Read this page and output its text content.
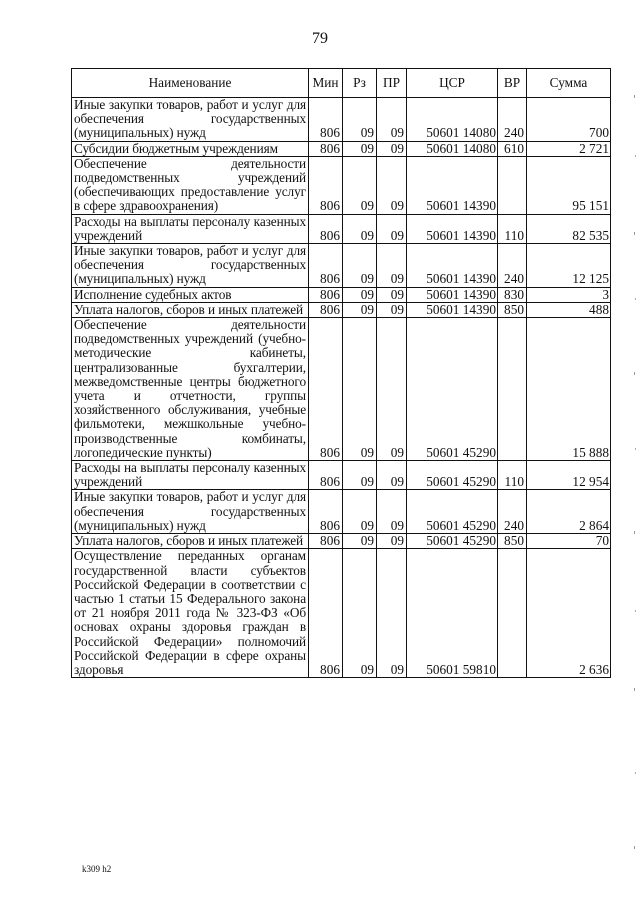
79
Наименование	Мин	Рз	ПР	ЦСР	ВР	Сумма
Иные закупки товаров, работ и услуг для обеспечения государственных (муниципальных) нужд	806	09	09	50601 14080	240	700
Субсидии бюджетным учреждениям	806	09	09	50601 14080	610	2 721
Обеспечение деятельности подведомственных учреждений (обеспечивающих предоставление услуг в сфере здравоохранения)	806	09	09	50601 14390		95 151
Расходы на выплаты персоналу казенных учреждений	806	09	09	50601 14390	110	82 535
Иные закупки товаров, работ и услуг для обеспечения государственных (муниципальных) нужд	806	09	09	50601 14390	240	12 125
Исполнение судебных актов	806	09	09	50601 14390	830	3
Уплата налогов, сборов и иных платежей	806	09	09	50601 14390	850	488
Обеспечение деятельности подведомственных учреждений (учебно-методические кабинеты, централизованные бухгалтерии, межведомственные центры бюджетного учета и отчетности, группы хозяйственного обслуживания, учебные фильмотеки, межшкольные учебно-производственные комбинаты, логопедические пункты)	806	09	09	50601 45290		15 888
Расходы на выплаты персоналу казенных учреждений	806	09	09	50601 45290	110	12 954
Иные закупки товаров, работ и услуг для обеспечения государственных (муниципальных) нужд	806	09	09	50601 45290	240	2 864
Уплата налогов, сборов и иных платежей	806	09	09	50601 45290	850	70
Осуществление переданных органам государственной власти субъектов Российской Федерации в соответствии с частью 1 статьи 15 Федерального закона от 21 ноября 2011 года № 323-ФЗ «Об основах охраны здоровья граждан в Российской Федерации» полномочий Российской Федерации в сфере охраны здоровья	806	09	09	50601 59810		2 636
k309 h2
